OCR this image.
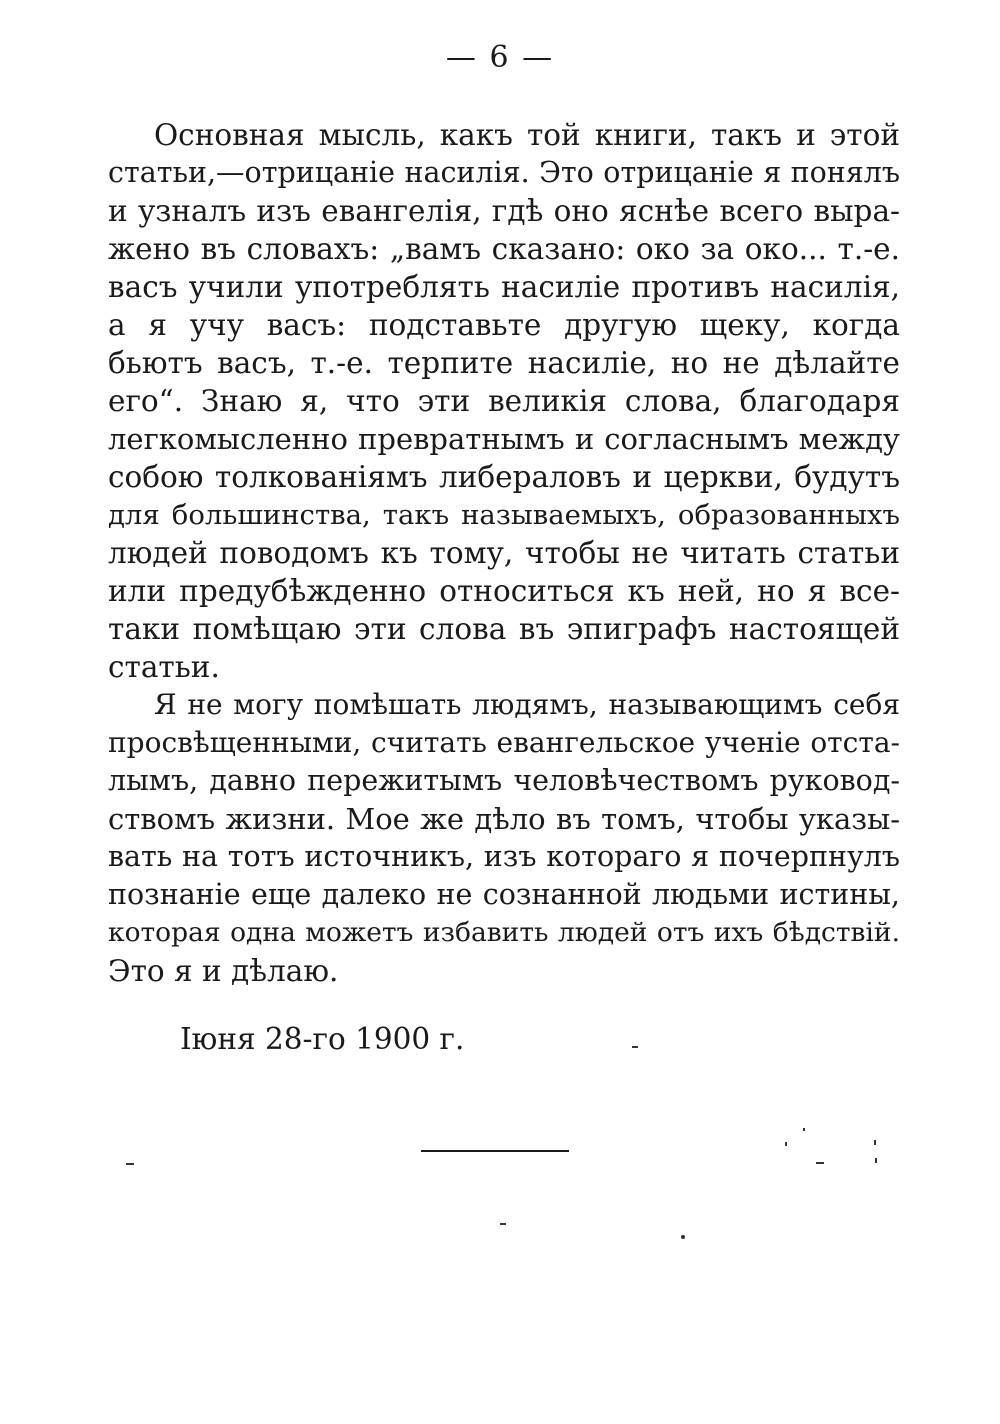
— 6 —
Основная мысль, какъ той книги, такъ и этой
статьи,—отрицаніе насилія. Это отрицаніе я понялъ
и узналъ изъ евангелія, гдѣ оно яснѣе всего выра-
жено въ словахъ: „вамъ сказано: око за око... т.-е.
васъ учили употреблять насиліе противъ насилія,
а я учу васъ: подставьте другую щеку, когда
бьютъ васъ, т.-е. терпите насиліе, но не дѣлайте
его“. Знаю я, что эти великія слова, благодаря
легкомысленно превратнымъ и согласнымъ между
собою толкованіямъ либераловъ и церкви, будутъ
для большинства, такъ называемыхъ, образованныхъ
людей поводомъ къ тому, чтобы не читать статьи
или предубѣжденно относиться къ ней, но я все-
таки помѣщаю эти слова въ эпиграфъ настоящей
статьи.
Я не могу помѣшать людямъ, называющимъ себя
просвѣщенными, считать евангельское ученіе отста-
лымъ, давно пережитымъ человѣчествомъ руковод-
ствомъ жизни. Мое же дѣло въ томъ, чтобы указы-
вать на тотъ источникъ, изъ котораго я почерпнулъ
познаніе еще далеко не сознанной людьми истины,
которая одна можетъ избавить людей отъ ихъ бѣдствій.
Это я и дѣлаю.
Іюня 28-го 1900 г.
